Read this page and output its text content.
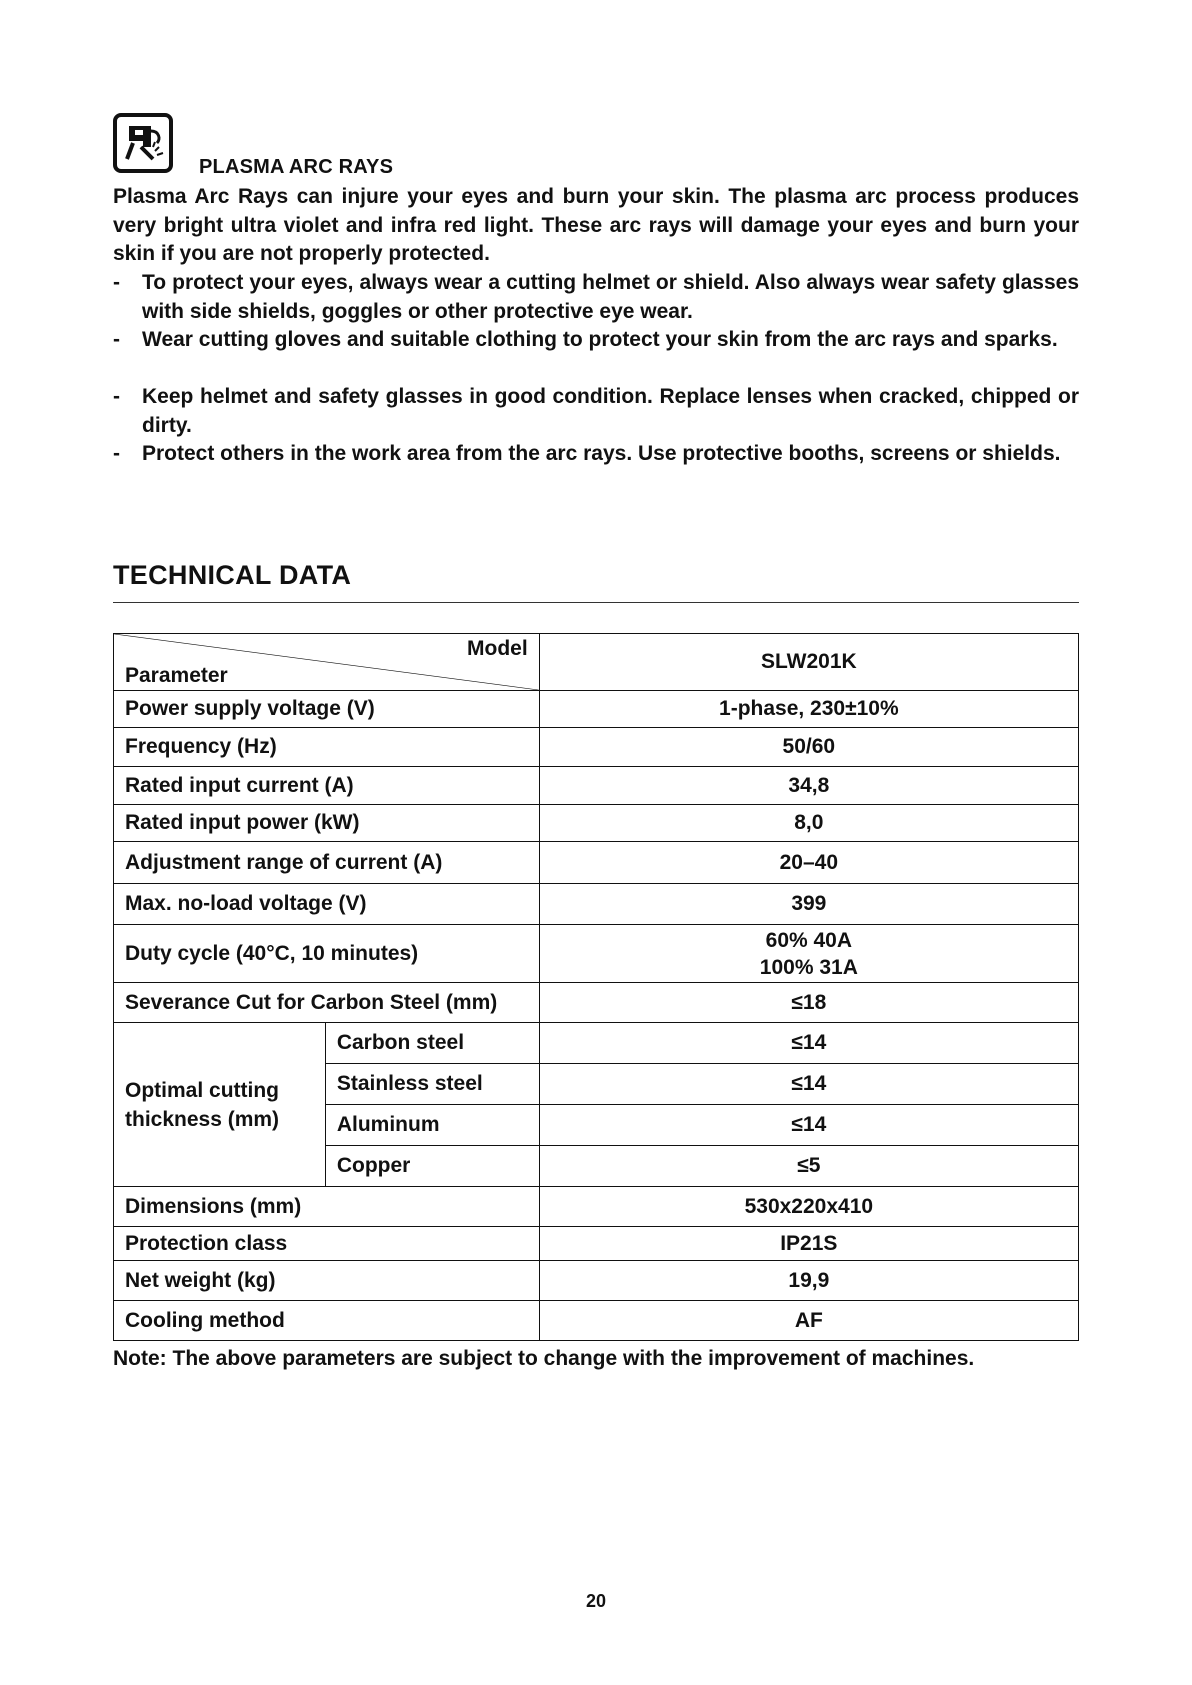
PLASMA ARC RAYS
Plasma Arc Rays can injure your eyes and burn your skin. The plasma arc process produces very bright ultra violet and infra red light. These arc rays will damage your eyes and burn your skin if you are not properly protected.
- To protect your eyes, always wear a cutting helmet or shield. Also always wear safety glasses with side shields, goggles or other protective eye wear.
- Wear cutting gloves and suitable clothing to protect your skin from the arc rays and sparks.
- Keep helmet and safety glasses in good condition. Replace lenses when cracked, chipped or dirty.
- Protect others in the work area from the arc rays. Use protective booths, screens or shields.
TECHNICAL DATA
Model
Parameter		SLW201K
Power supply voltage (V)		1-phase, 230±10%
Frequency (Hz)		50/60
Rated input current (A)		34,8
Rated input power (kW)		8,0
Adjustment range of current (A)		20–40
Max. no-load voltage (V)		399
Duty cycle (40°C, 10 minutes)		60% 40A
100% 31A

Severance Cut for Carbon Steel (mm)		≤18
Optimal cutting thickness (mm)	Carbon steel	≤14
	Stainless steel	≤14
	Aluminum	≤14
	Copper	≤5
Dimensions (mm)		530x220x410
Protection class		IP21S
Net weight (kg)		19,9
Cooling method		AF
Note: The above parameters are subject to change with the improvement of machines.
20
